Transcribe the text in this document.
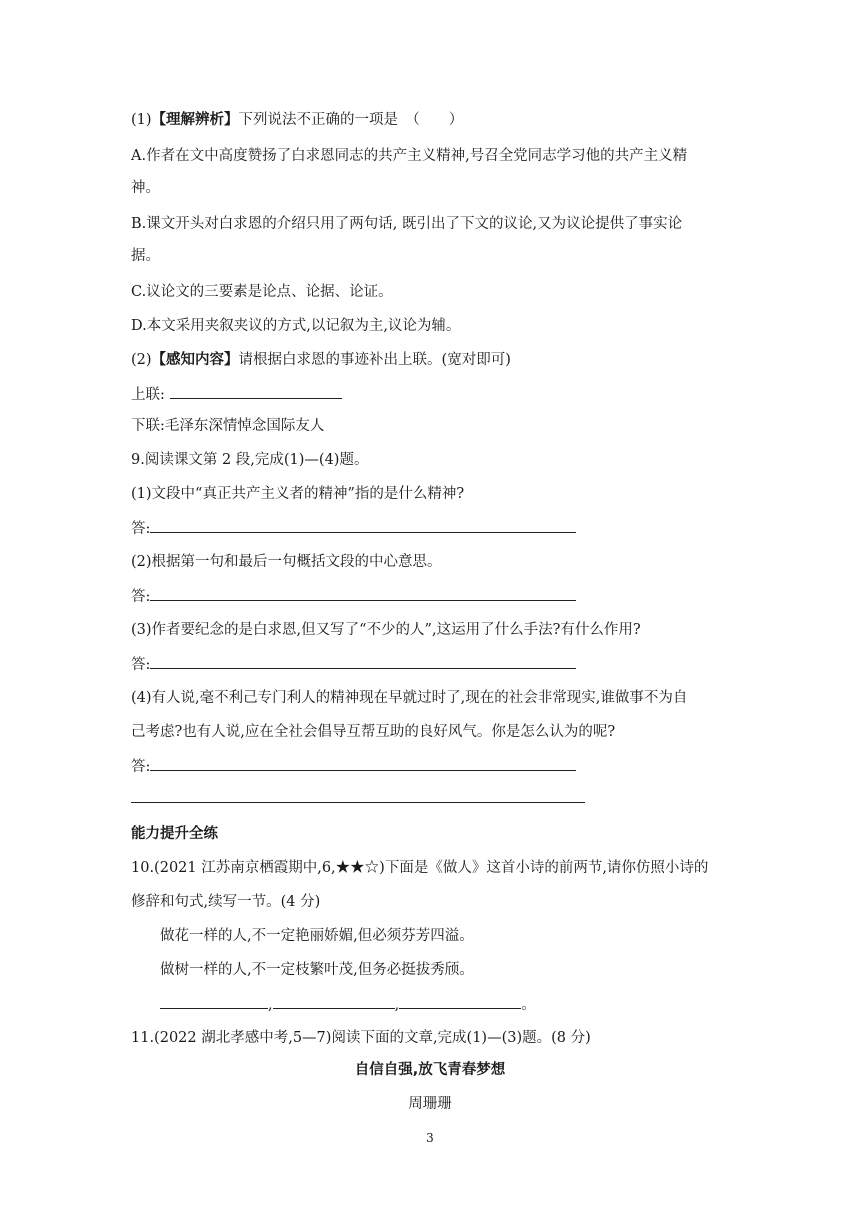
(1)【理解辨析】下列说法不正确的一项是　（　　）
A.作者在文中高度赞扬了白求恩同志的共产主义精神,号召全党同志学习他的共产主义精
神。
B.课文开头对白求恩的介绍只用了两句话, 既引出了下文的议论,又为议论提供了事实论
据。
C.议论文的三要素是论点、论据、论证。
D.本文采用夹叙夹议的方式,以记叙为主,议论为辅。
(2)【感知内容】请根据白求恩的事迹补出上联。(宽对即可)
上联:
下联:毛泽东深情悼念国际友人
9.阅读课文第 2 段,完成(1)—(4)题。
(1)文段中“真正共产主义者的精神”指的是什么精神?
答:
(2)根据第一句和最后一句概括文段的中心意思。
答:
(3)作者要纪念的是白求恩,但又写了“不少的人”,这运用了什么手法?有什么作用?
答:
(4)有人说,毫不利己专门利人的精神现在早就过时了,现在的社会非常现实,谁做事不为自
己考虑?也有人说,应在全社会倡导互帮互助的良好风气。你是怎么认为的呢?
答:
能力提升全练
10.(2021 江苏南京栖霞期中,6,★★☆)下面是《做人》这首小诗的前两节,请你仿照小诗的
修辞和句式,续写一节。(4 分)
做花一样的人,不一定艳丽娇媚,但必须芬芳四溢。
做树一样的人,不一定枝繁叶茂,但务必挺拔秀颀。
,	,	。
11.(2022 湖北孝感中考,5—7)阅读下面的文章,完成(1)—(3)题。(8 分)
自信自强,放飞青春梦想
周珊珊
3
